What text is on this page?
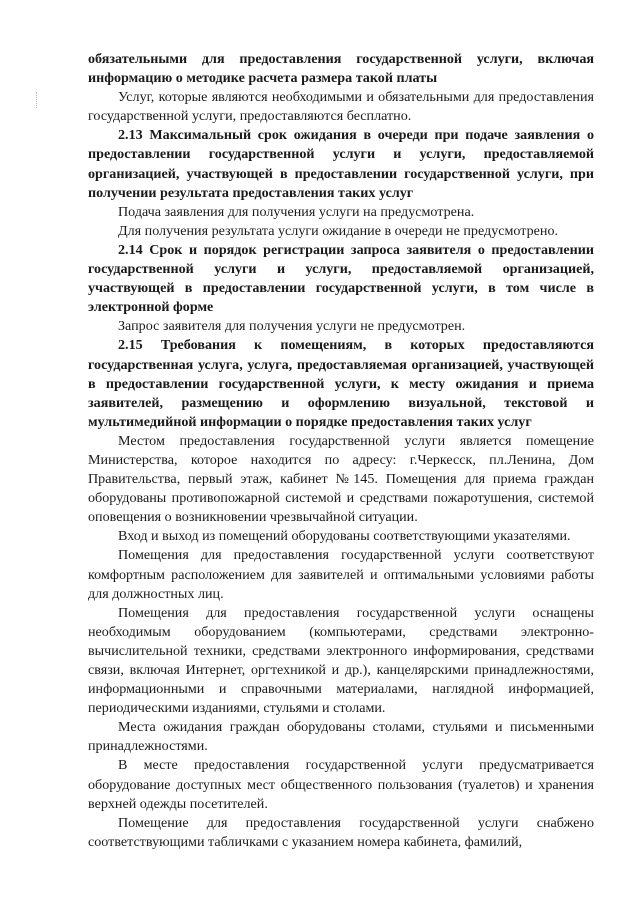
обязательными для предоставления государственной услуги, включая информацию о методике расчета размера такой платы

Услуг, которые являются необходимыми и обязательными для предоставления государственной услуги, предоставляются бесплатно.

2.13 Максимальный срок ожидания в очереди при подаче заявления о предоставлении государственной услуги и услуги, предоставляемой организацией, участвующей в предоставлении государственной услуги, при получении результата предоставления таких услуг

Подача заявления для получения услуги на предусмотрена.

Для получения результата услуги ожидание в очереди не предусмотрено.

2.14 Срок и порядок регистрации запроса заявителя о предоставлении государственной услуги и услуги, предоставляемой организацией, участвующей в предоставлении государственной услуги, в том числе в электронной форме

Запрос заявителя для получения услуги не предусмотрен.

2.15 Требования к помещениям, в которых предоставляются государственная услуга, услуга, предоставляемая организацией, участвующей в предоставлении государственной услуги, к месту ожидания и приема заявителей, размещению и оформлению визуальной, текстовой и мультимедийной информации о порядке предоставления таких услуг

Местом предоставления государственной услуги является помещение Министерства, которое находится по адресу: г.Черкесск, пл.Ленина, Дом Правительства, первый этаж, кабинет №145. Помещения для приема граждан оборудованы противопожарной системой и средствами пожаротушения, системой оповещения о возникновении чрезвычайной ситуации.

Вход и выход из помещений оборудованы соответствующими указателями.

Помещения для предоставления государственной услуги соответствуют комфортным расположением для заявителей и оптимальными условиями работы для должностных лиц.

Помещения для предоставления государственной услуги оснащены необходимым оборудованием (компьютерами, средствами электронно-вычислительной техники, средствами электронного информирования, средствами связи, включая Интернет, оргтехникой и др.), канцелярскими принадлежностями, информационными и справочными материалами, наглядной информацией, периодическими изданиями, стульями и столами.

Места ожидания граждан оборудованы столами, стульями и письменными принадлежностями.

В месте предоставления государственной услуги предусматривается оборудование доступных мест общественного пользования (туалетов) и хранения верхней одежды посетителей.

Помещение для предоставления государственной услуги снабжено соответствующими табличками с указанием номера кабинета, фамилий,
